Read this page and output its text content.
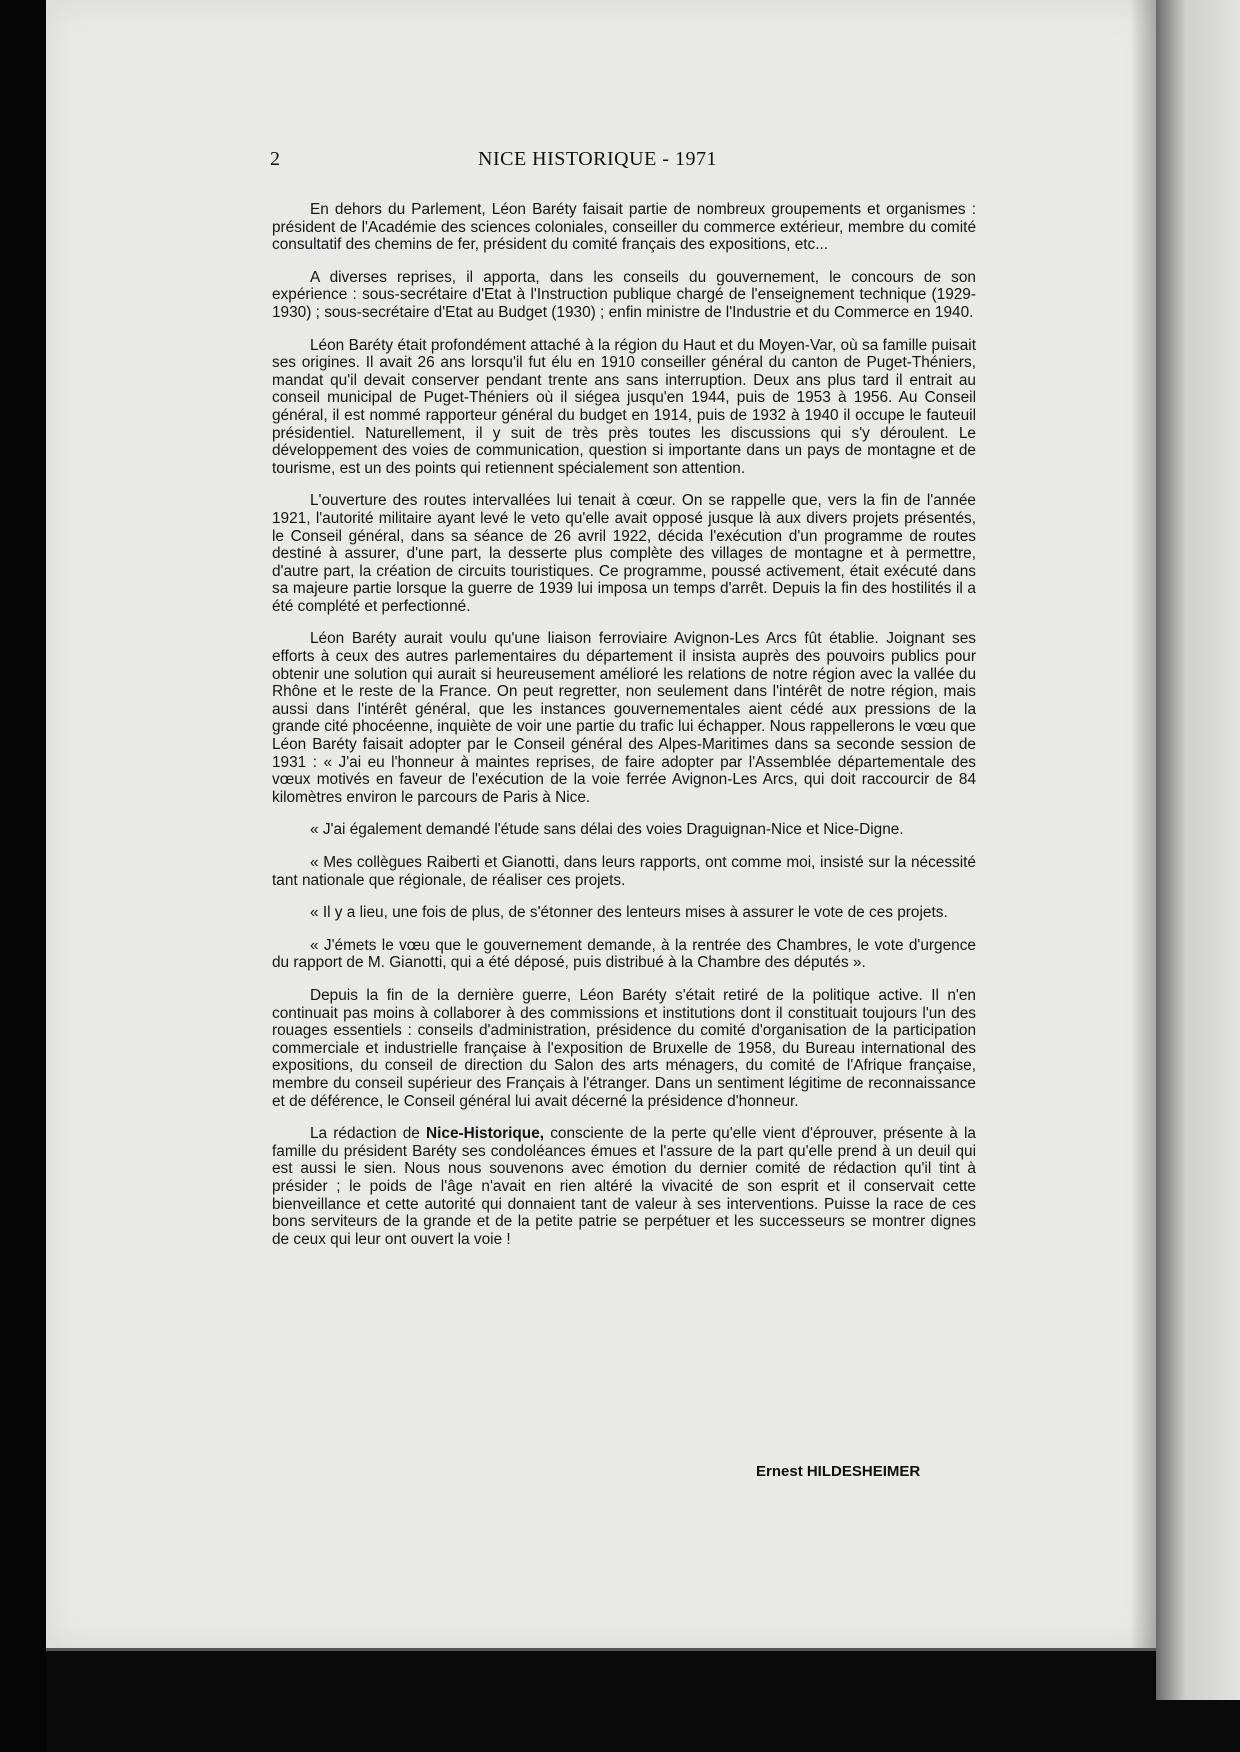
2	NICE HISTORIQUE - 1971

En dehors du Parlement, Léon Baréty faisait partie de nombreux groupements et organismes : président de l'Académie des sciences coloniales, conseiller du commerce extérieur, membre du comité consultatif des chemins de fer, président du comité français des expositions, etc...

A diverses reprises, il apporta, dans les conseils du gouvernement, le concours de son expérience : sous-secrétaire d'Etat à l'Instruction publique chargé de l'enseignement technique (1929-1930) ; sous-secrétaire d'Etat au Budget (1930) ; enfin ministre de l'Industrie et du Commerce en 1940.

Léon Baréty était profondément attaché à la région du Haut et du Moyen-Var, où sa famille puisait ses origines. Il avait 26 ans lorsqu'il fut élu en 1910 conseiller général du canton de Puget-Théniers, mandat qu'il devait conserver pendant trente ans sans interruption. Deux ans plus tard il entrait au conseil municipal de Puget-Théniers où il siégea jusqu'en 1944, puis de 1953 à 1956. Au Conseil général, il est nommé rapporteur général du budget en 1914, puis de 1932 à 1940 il occupe le fauteuil présidentiel. Naturellement, il y suit de très près toutes les discussions qui s'y déroulent. Le développement des voies de communication, question si importante dans un pays de montagne et de tourisme, est un des points qui retiennent spécialement son attention.

L'ouverture des routes intervallées lui tenait à cœur. On se rappelle que, vers la fin de l'année 1921, l'autorité militaire ayant levé le veto qu'elle avait opposé jusque là aux divers projets présentés, le Conseil général, dans sa séance de 26 avril 1922, décida l'exécution d'un programme de routes destiné à assurer, d'une part, la desserte plus complète des villages de montagne et à permettre, d'autre part, la création de circuits touristiques. Ce programme, poussé activement, était exécuté dans sa majeure partie lorsque la guerre de 1939 lui imposa un temps d'arrêt. Depuis la fin des hostilités il a été complété et perfectionné.

Léon Baréty aurait voulu qu'une liaison ferroviaire Avignon-Les Arcs fût établie. Joignant ses efforts à ceux des autres parlementaires du département il insista auprès des pouvoirs publics pour obtenir une solution qui aurait si heureusement amélioré les relations de notre région avec la vallée du Rhône et le reste de la France. On peut regretter, non seulement dans l'intérêt de notre région, mais aussi dans l'intérêt général, que les instances gouvernementales aient cédé aux pressions de la grande cité phocéenne, inquiète de voir une partie du trafic lui échapper. Nous rappellerons le vœu que Léon Baréty faisait adopter par le Conseil général des Alpes-Maritimes dans sa seconde session de 1931 : « J'ai eu l'honneur à maintes reprises, de faire adopter par l'Assemblée départementale des vœux motivés en faveur de l'exécution de la voie ferrée Avignon-Les Arcs, qui doit raccourcir de 84 kilomètres environ le parcours de Paris à Nice.

« J'ai également demandé l'étude sans délai des voies Draguignan-Nice et Nice-Digne.

« Mes collègues Raiberti et Gianotti, dans leurs rapports, ont comme moi, insisté sur la nécessité tant nationale que régionale, de réaliser ces projets.

« Il y a lieu, une fois de plus, de s'étonner des lenteurs mises à assurer le vote de ces projets.

« J'émets le vœu que le gouvernement demande, à la rentrée des Chambres, le vote d'urgence du rapport de M. Gianotti, qui a été déposé, puis distribué à la Chambre des députés ».

Depuis la fin de la dernière guerre, Léon Baréty s'était retiré de la politique active. Il n'en continuait pas moins à collaborer à des commissions et institutions dont il constituait toujours l'un des rouages essentiels : conseils d'administration, présidence du comité d'organisation de la participation commerciale et industrielle française à l'exposition de Bruxelle de 1958, du Bureau international des expositions, du conseil de direction du Salon des arts ménagers, du comité de l'Afrique française, membre du conseil supérieur des Français à l'étranger. Dans un sentiment légitime de reconnaissance et de déférence, le Conseil général lui avait décerné la présidence d'honneur.

La rédaction de Nice-Historique, consciente de la perte qu'elle vient d'éprouver, présente à la famille du président Baréty ses condoléances émues et l'assure de la part qu'elle prend à un deuil qui est aussi le sien. Nous nous souvenons avec émotion du dernier comité de rédaction qu'il tint à présider ; le poids de l'âge n'avait en rien altéré la vivacité de son esprit et il conservait cette bienveillance et cette autorité qui donnaient tant de valeur à ses interventions. Puisse la race de ces bons serviteurs de la grande et de la petite patrie se perpétuer et les successeurs se montrer dignes de ceux qui leur ont ouvert la voie !

Ernest HILDESHEIMER
